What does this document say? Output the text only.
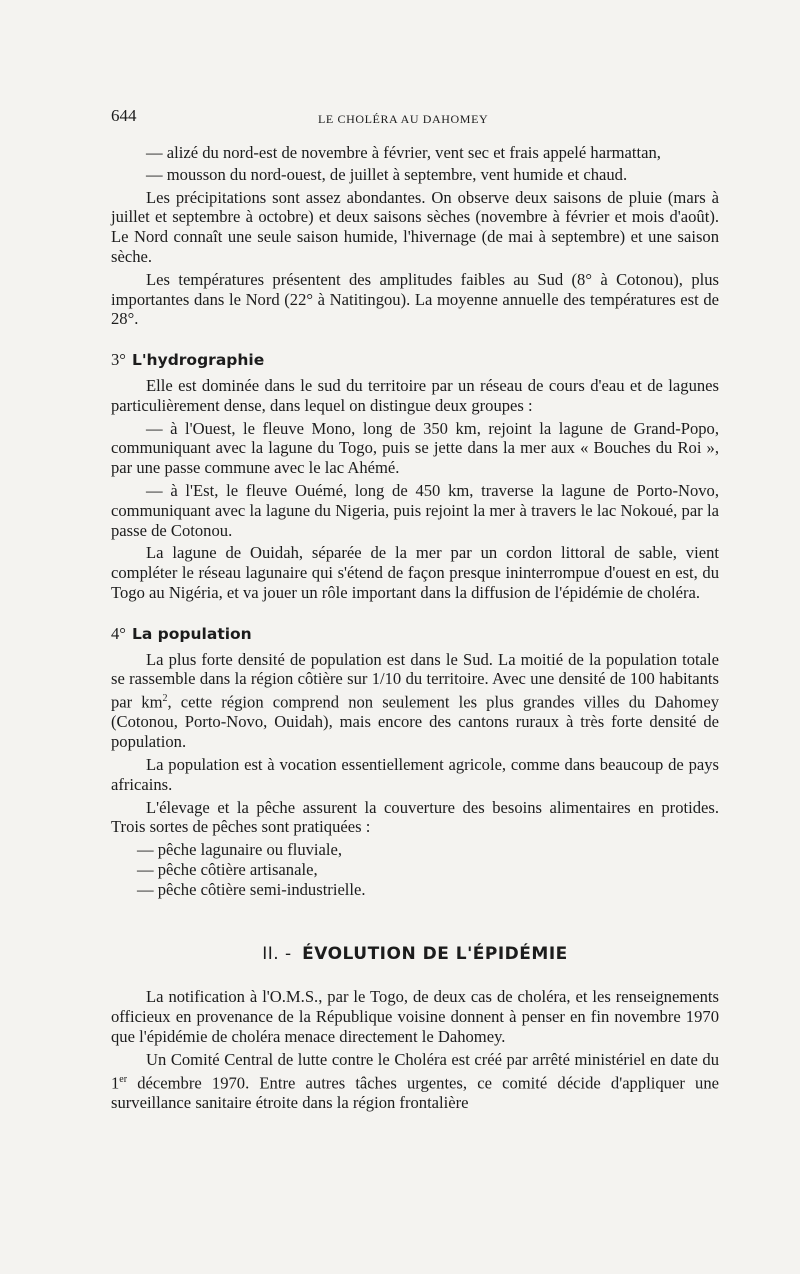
644	LE CHOLÉRA AU DAHOMEY

— alizé du nord-est de novembre à février, vent sec et frais appelé harmattan,

— mousson du nord-ouest, de juillet à septembre, vent humide et chaud.

Les précipitations sont assez abondantes. On observe deux saisons de pluie (mars à juillet et septembre à octobre) et deux saisons sèches (novembre à février et mois d'août). Le Nord connaît une seule saison humide, l'hivernage (de mai à septembre) et une saison sèche.

Les températures présentent des amplitudes faibles au Sud (8° à Cotonou), plus importantes dans le Nord (22° à Natitingou). La moyenne annuelle des températures est de 28°.

3° L'hydrographie

Elle est dominée dans le sud du territoire par un réseau de cours d'eau et de lagunes particulièrement dense, dans lequel on distingue deux groupes :

— à l'Ouest, le fleuve Mono, long de 350 km, rejoint la lagune de Grand-Popo, communiquant avec la lagune du Togo, puis se jette dans la mer aux « Bouches du Roi », par une passe commune avec le lac Ahémé.

— à l'Est, le fleuve Ouémé, long de 450 km, traverse la lagune de Porto-Novo, communiquant avec la lagune du Nigeria, puis rejoint la mer à travers le lac Nokoué, par la passe de Cotonou.

La lagune de Ouidah, séparée de la mer par un cordon littoral de sable, vient compléter le réseau lagunaire qui s'étend de façon presque ininterrompue d'ouest en est, du Togo au Nigéria, et va jouer un rôle important dans la diffusion de l'épidémie de choléra.

4° La population

La plus forte densité de population est dans le Sud. La moitié de la population totale se rassemble dans la région côtière sur 1/10 du territoire. Avec une densité de 100 habitants par $km^2$, cette région comprend non seulement les plus grandes villes du Dahomey (Cotonou, Porto-Novo, Ouidah), mais encore des cantons ruraux à très forte densité de population.

La population est à vocation essentiellement agricole, comme dans beaucoup de pays africains.

L'élevage et la pêche assurent la couverture des besoins alimentaires en protides. Trois sortes de pêches sont pratiquées :

— pêche lagunaire ou fluviale,

— pêche côtière artisanale,

— pêche côtière semi-industrielle.

II. - ÉVOLUTION DE L'ÉPIDÉMIE

La notification à l'O.M.S., par le Togo, de deux cas de choléra, et les renseignements officieux en provenance de la République voisine donnent à penser en fin novembre 1970 que l'épidémie de choléra menace directement le Dahomey.

Un Comité Central de lutte contre le Choléra est créé par arrêté ministériel en date du 1er décembre 1970. Entre autres tâches urgentes, ce comité décide d'appliquer une surveillance sanitaire étroite dans la région frontalière
